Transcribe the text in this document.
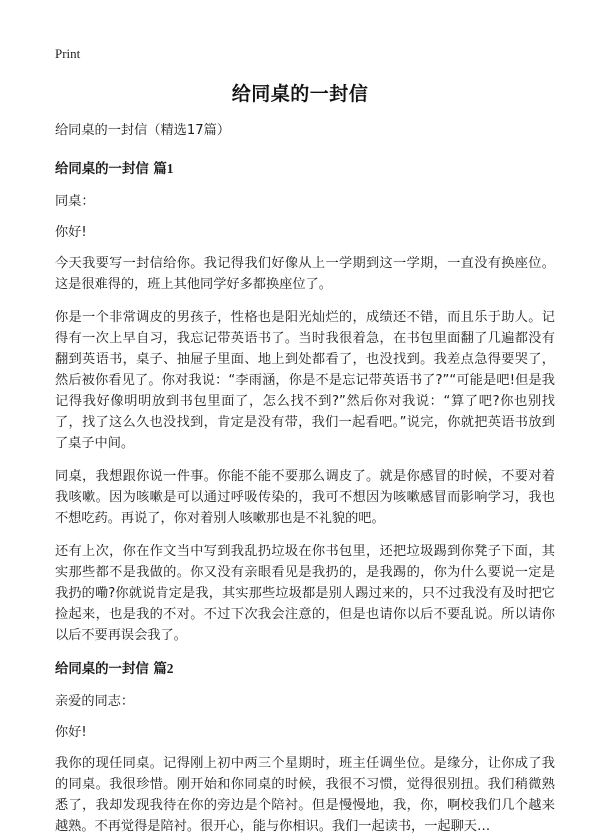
Print
给同桌的一封信
给同桌的一封信（精选17篇）
给同桌的一封信 篇1

同桌：

你好!

今天我要写一封信给你。我记得我们好像从上一学期到这一学期，一直没有换座位。这是很难得的，班上其他同学好多都换座位了。

你是一个非常调皮的男孩子，性格也是阳光灿烂的，成绩还不错，而且乐于助人。记得有一次上早自习，我忘记带英语书了。当时我很着急，在书包里面翻了几遍都没有翻到英语书，桌子、抽屉子里面、地上到处都看了，也没找到。我差点急得要哭了，然后被你看见了。你对我说：“李雨涵，你是不是忘记带英语书了?”“可能是吧!但是我记得我好像明明放到书包里面了，怎么找不到?”然后你对我说：“算了吧?你也别找了，找了这么久也没找到，肯定是没有带，我们一起看吧。”说完，你就把英语书放到了桌子中间。

同桌，我想跟你说一件事。你能不能不要那么调皮了。就是你感冒的时候，不要对着我咳嗽。因为咳嗽是可以通过呼吸传染的，我可不想因为咳嗽感冒而影响学习，我也不想吃药。再说了，你对着别人咳嗽那也是不礼貌的吧。

还有上次，你在作文当中写到我乱扔垃圾在你书包里，还把垃圾踢到你凳子下面，其实那些都不是我做的。你又没有亲眼看见是我扔的，是我踢的，你为什么要说一定是我扔的嘞?你就说肯定是我，其实那些垃圾都是别人踢过来的，只不过我没有及时把它捡起来，也是我的不对。不过下次我会注意的，但是也请你以后不要乱说。所以请你以后不要再误会我了。

给同桌的一封信 篇2

亲爱的同志：

你好!

我你的现任同桌。记得刚上初中两三个星期时，班主任调坐位。是缘分，让你成了我的同桌。我很珍惜。刚开始和你同桌的时候，我很不习惯，觉得很别扭。我们稍微熟悉了，我却发现我待在你的旁边是个陪衬。但是慢慢地，我，你，啊校我们几个越来越熟。不再觉得是陪衬。很开心，能与你相识。我们一起读书，一起聊天…
